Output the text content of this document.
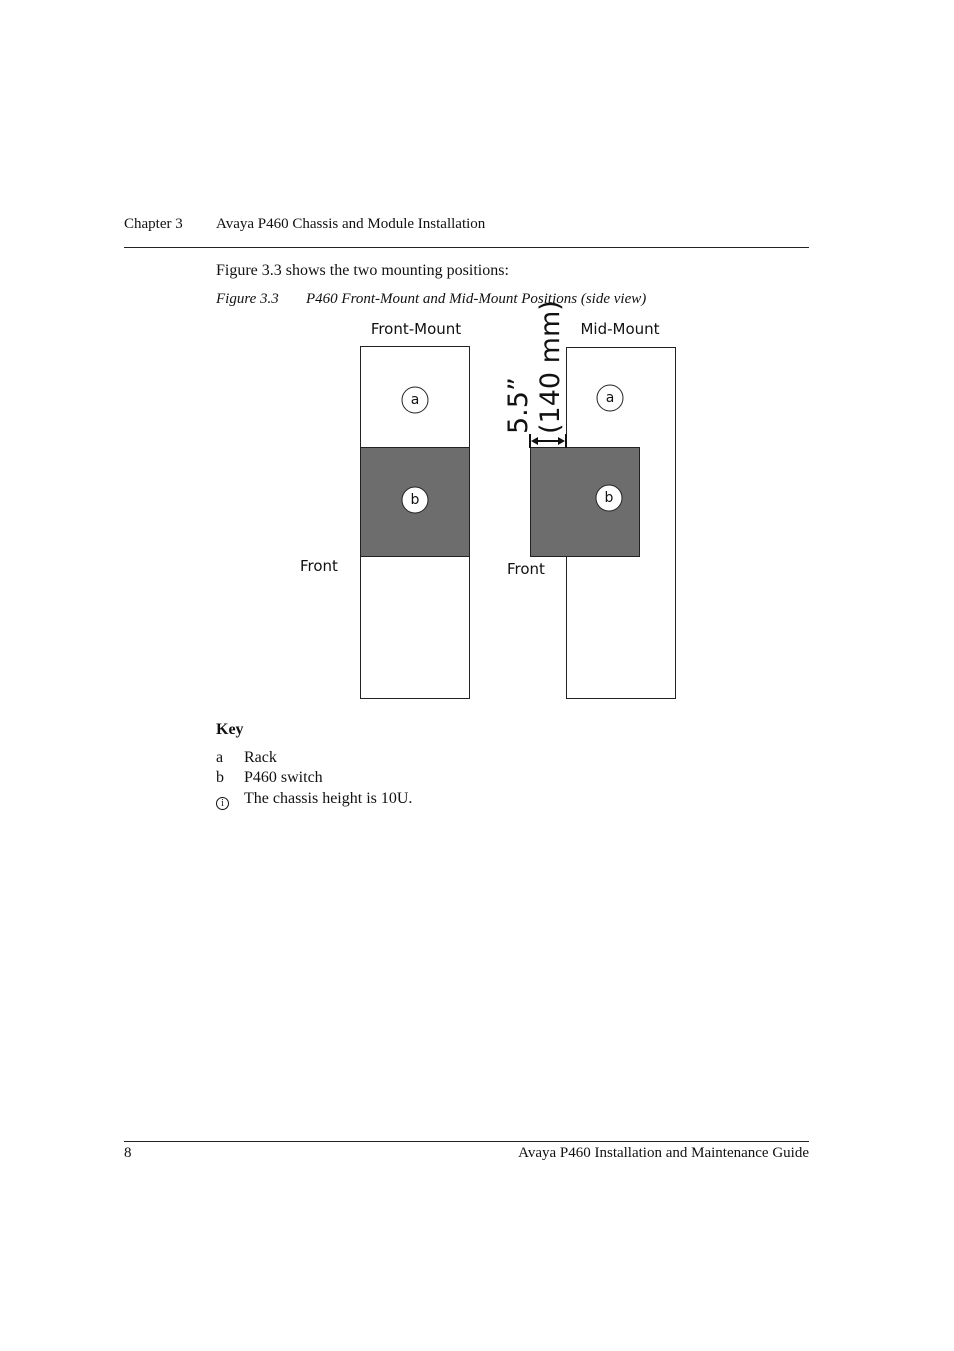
Chapter 3 Avaya P460 Chassis and Module Installation
Figure 3.3 shows the two mounting positions:
Figure 3.3 P460 Front-Mount and Mid-Mount Positions (side view)
Front-Mount	Mid-Mount
Front	Front
a
b
a
b
5.5” (140 mm)
Key
a Rack
b P460 switch
i	The chassis height is 10U.
8	Avaya P460 Installation and Maintenance Guide
